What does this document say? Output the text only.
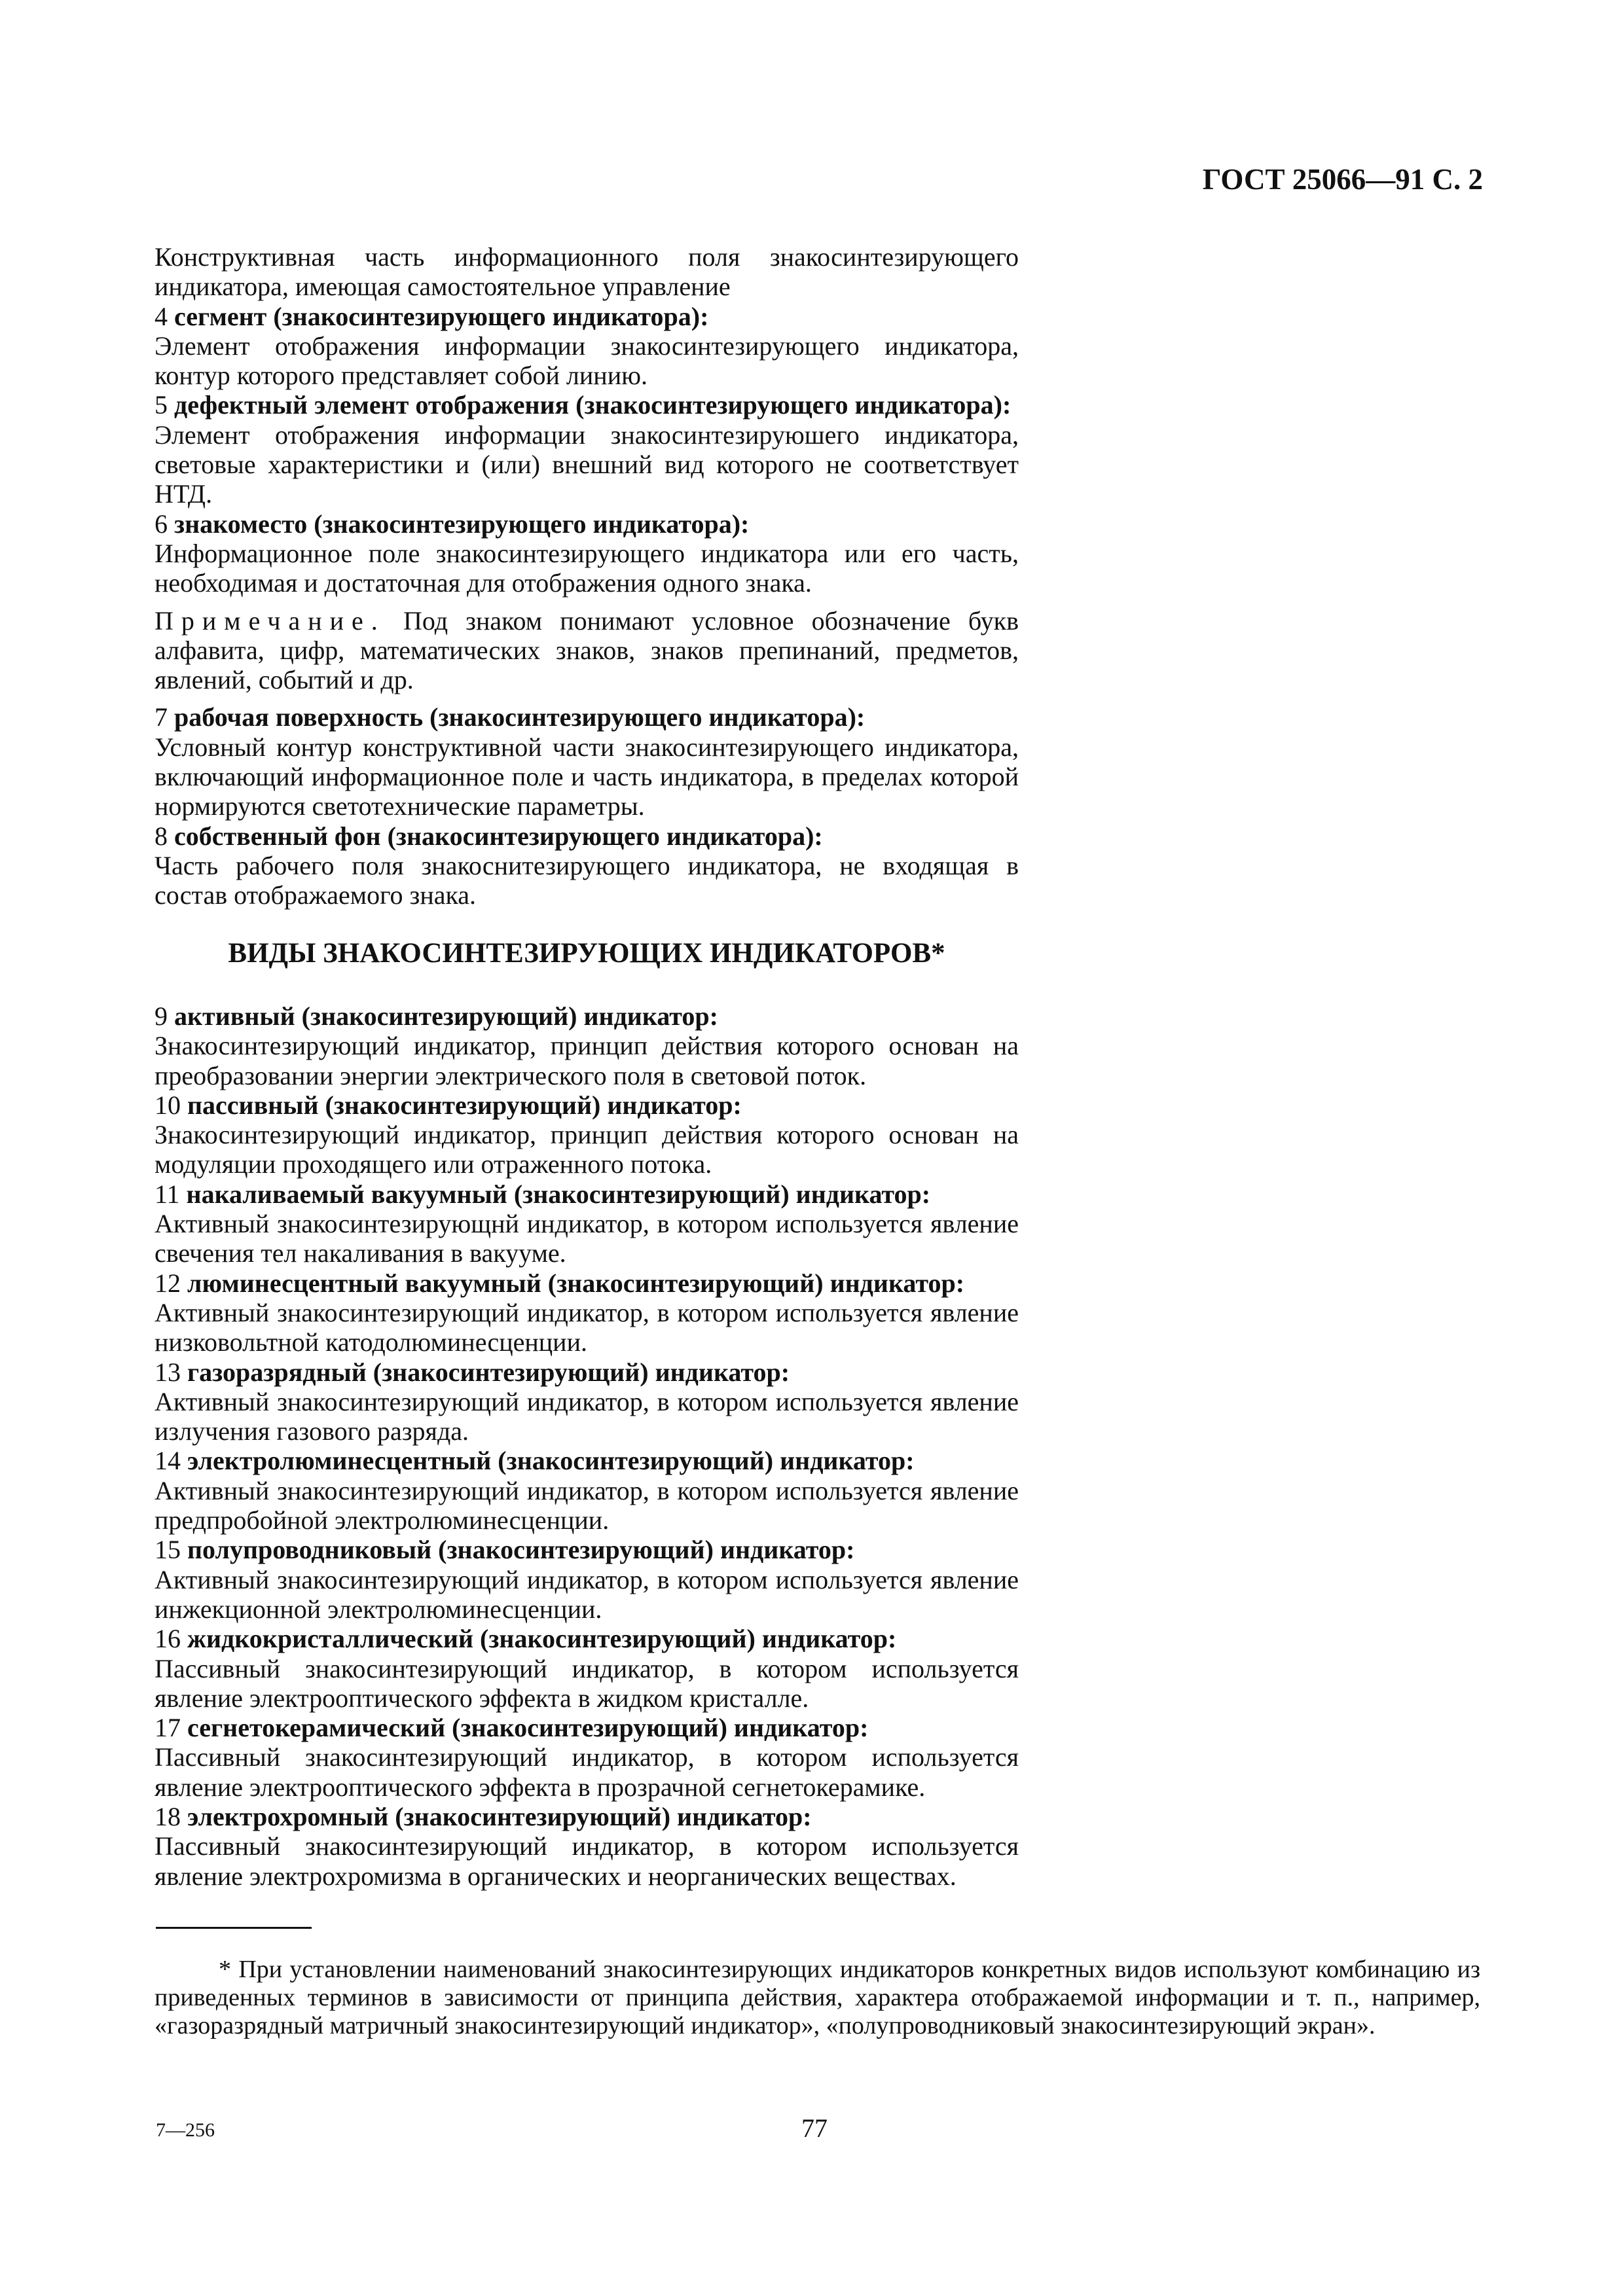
ГОСТ 25066—91 С. 2
Конструктивная часть информационного поля знакосинтезирующего индикатора, имеющая самостоятельное управление
4 сегмент (знакосинтезирующего индикатора):
Элемент отображения информации знакосинтезирующего индикатора, контур которого представляет собой линию.
5 дефектный элемент отображения (знакосинтезирующего индикатора):
Элемент отображения информации знакосинтезируюшего индикатора, световые характеристики и (или) внешний вид которого не соответствует НТД.
6 знакоместо (знакосинтезирующего индикатора):
Информационное поле знакосинтезирующего индикатора или его часть, необходимая и достаточная для отображения одного знака.
Примечание. Под знаком понимают условное обозначение букв алфавита, цифр, математических знаков, знаков препинаний, предметов, явлений, событий и др.
7 рабочая поверхность (знакосинтезирующего индикатора):
Условный контур конструктивной части знакосинтезирующего индикатора, включающий информационное поле и часть индикатора, в пределах которой нормируются светотехнические параметры.
8 собственный фон (знакосинтезирующего индикатора):
Часть рабочего поля знакоснитезирующего индикатора, не входящая в состав отображаемого знака.
ВИДЫ ЗНАКОСИНТЕЗИРУЮЩИХ ИНДИКАТОРОВ*
9 активный (знакосинтезирующий) индикатор:
Знакосинтезирующий индикатор, принцип действия которого основан на преобразовании энергии электрического поля в световой поток.
10 пассивный (знакосинтезирующий) индикатор:
Знакосинтезирующий индикатор, принцип действия которого основан на модуляции проходящего или отраженного потока.
11 накаливаемый вакуумный (знакосинтезирующий) индикатор:
Активный знакосинтезирующнй индикатор, в котором используется явление свечения тел накаливания в вакууме.
12 люминесцентный вакуумный (знакосинтезирующий) индикатор:
Активный знакосинтезирующий индикатор, в котором используется явление низковольтной катодолюминесценции.
13 газоразрядный (знакосинтезирующий) индикатор:
Активный знакосинтезирующий индикатор, в котором используется явление излучения газового разряда.
14 электролюминесцентный (знакосинтезирующий) индикатор:
Активный знакосинтезирующий индикатор, в котором используется явление предпробойной электролюминесценции.
15 полупроводниковый (знакосинтезирующий) индикатор:
Активный знакосинтезирующий индикатор, в котором используется явление инжекционной электролюминесценции.
16 жидкокристаллический (знакосинтезирующий) индикатор:
Пассивный знакосинтезирующий индикатор, в котором используется явление электрооптического эффекта в жидком кристалле.
17 сегнетокерамический (знакосинтезирующий) индикатор:
Пассивный знакосинтезирующий индикатор, в котором используется явление электрооптического эффекта в прозрачной сегнетокерамике.
18 электрохромный (знакосинтезирующий) индикатор:
Пассивный знакосинтезирующий индикатор, в котором используется явление электрохромизма в органических и неорганических веществах.
* При установлении наименований знакосинтезирующих индикаторов конкретных видов используют комбинацию из приведенных терминов в зависимости от принципа действия, характера отображаемой информации и т. п., например, «газоразрядный матричный знакосинтезирующий индикатор», «полупроводниковый знакосинтезирующий экран».
7—256	77
